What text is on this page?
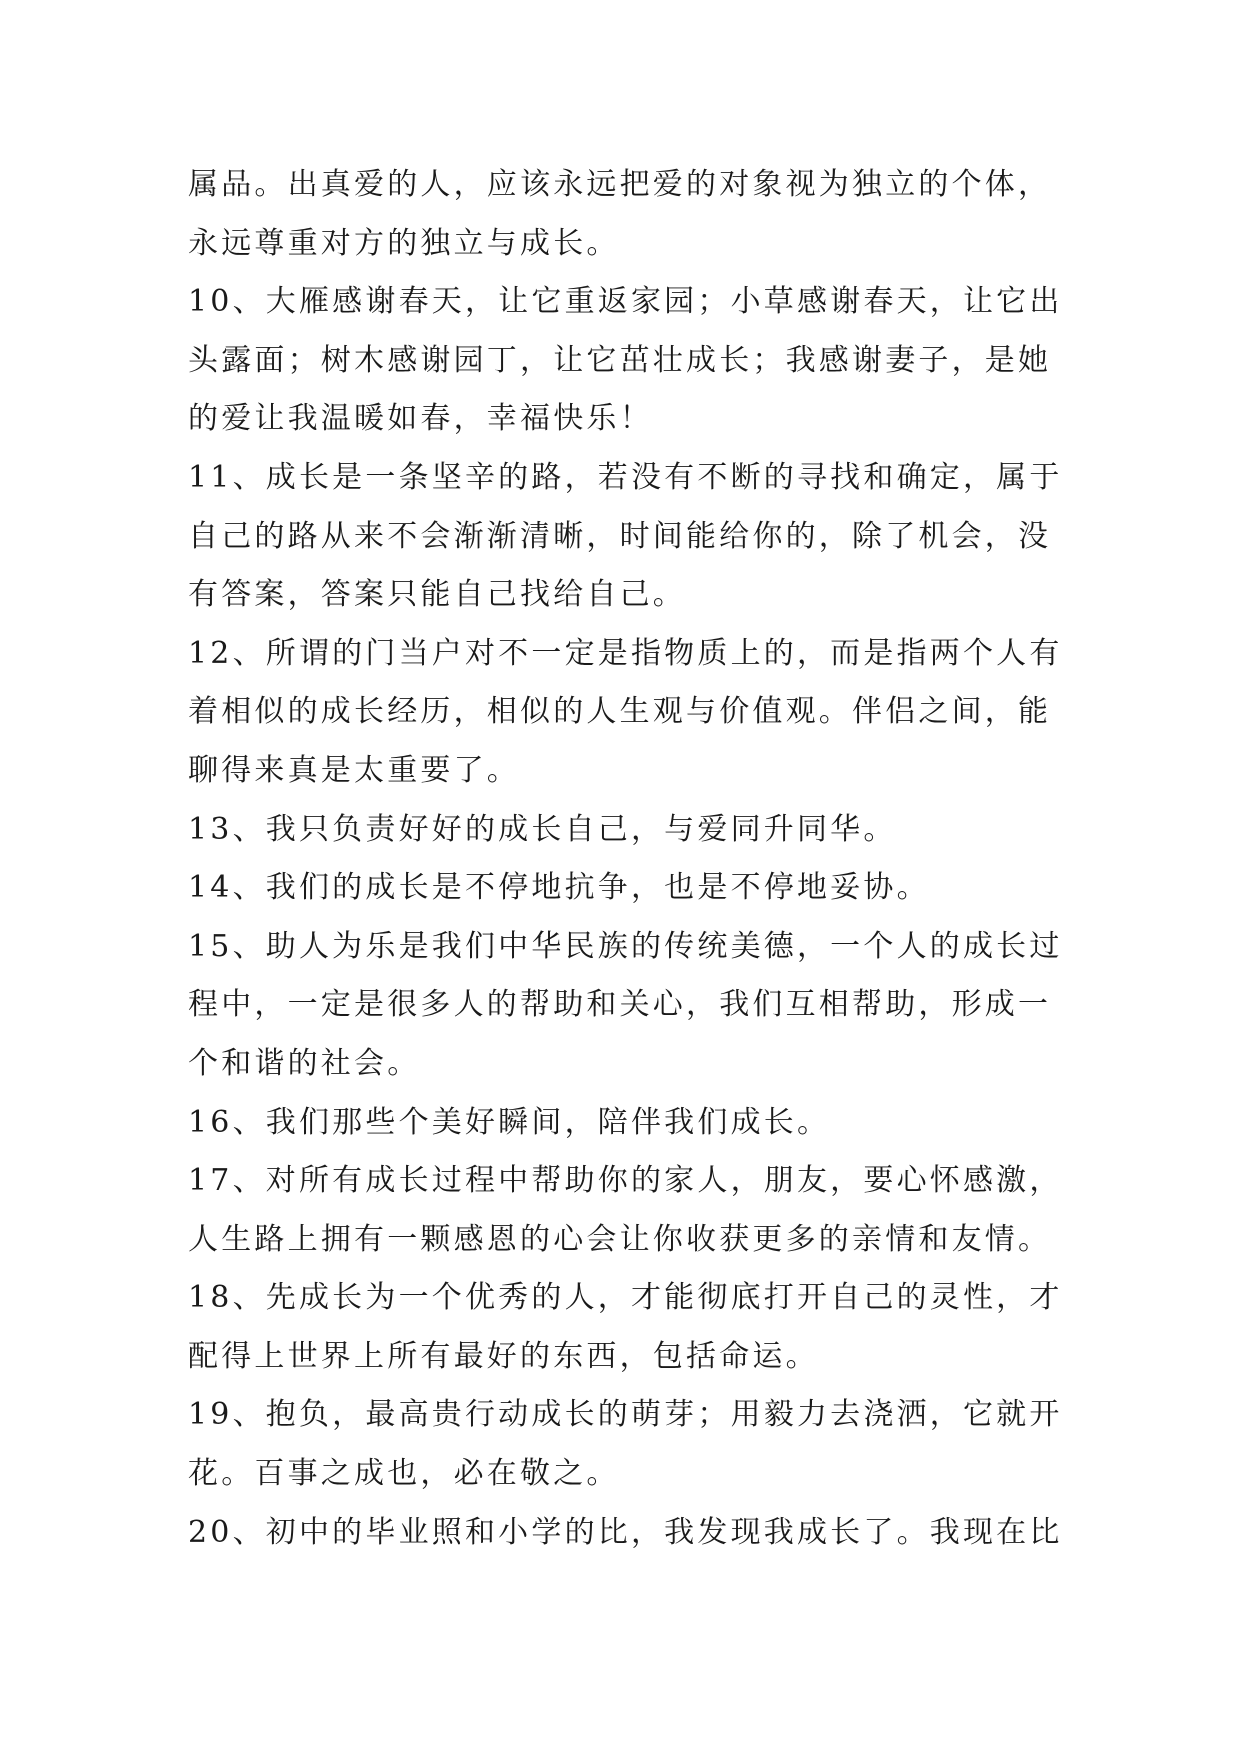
属品。出真爱的人，应该永远把爱的对象视为独立的个体，
永远尊重对方的独立与成长。
10、大雁感谢春天，让它重返家园；小草感谢春天，让它出
头露面；树木感谢园丁，让它茁壮成长；我感谢妻子，是她
的爱让我温暖如春，幸福快乐！
11、成长是一条坚辛的路，若没有不断的寻找和确定，属于
自己的路从来不会渐渐清晰，时间能给你的，除了机会，没
有答案，答案只能自己找给自己。
12、所谓的门当户对不一定是指物质上的，而是指两个人有
着相似的成长经历，相似的人生观与价值观。伴侣之间，能
聊得来真是太重要了。
13、我只负责好好的成长自己，与爱同升同华。
14、我们的成长是不停地抗争，也是不停地妥协。
15、助人为乐是我们中华民族的传统美德，一个人的成长过
程中，一定是很多人的帮助和关心，我们互相帮助，形成一
个和谐的社会。
16、我们那些个美好瞬间，陪伴我们成长。
17、对所有成长过程中帮助你的家人，朋友，要心怀感激，
人生路上拥有一颗感恩的心会让你收获更多的亲情和友情。
18、先成长为一个优秀的人，才能彻底打开自己的灵性，才
配得上世界上所有最好的东西，包括命运。
19、抱负，最高贵行动成长的萌芽；用毅力去浇洒，它就开
花。百事之成也，必在敬之。
20、初中的毕业照和小学的比，我发现我成长了。我现在比
